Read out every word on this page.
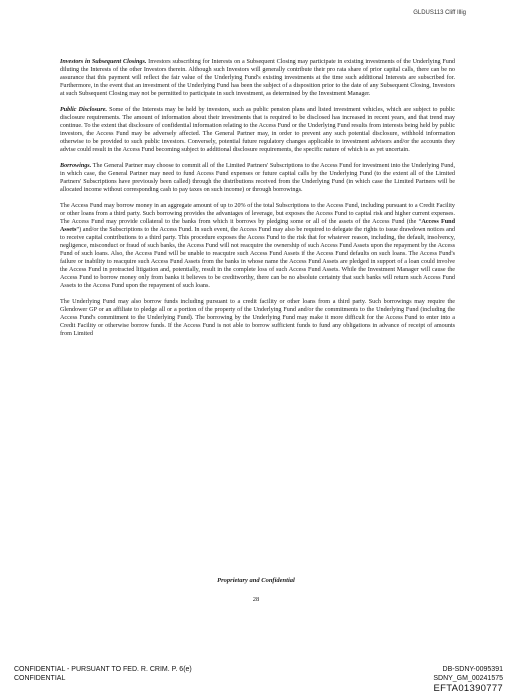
GLDUS113 Cliff Illig

Investors in Subsequent Closings. Investors subscribing for Interests on a Subsequent Closing may participate in existing investments of the Underlying Fund diluting the Interests of the other Investors therein. Although such Investors will generally contribute their pro rata share of prior capital calls, there can be no assurance that this payment will reflect the fair value of the Underlying Fund's existing investments at the time such additional Interests are subscribed for. Furthermore, in the event that an investment of the Underlying Fund has been the subject of a disposition prior to the date of any Subsequent Closing, Investors at such Subsequent Closing may not be permitted to participate in such investment, as determined by the Investment Manager.

Public Disclosure. Some of the Interests may be held by investors, such as public pension plans and listed investment vehicles, which are subject to public disclosure requirements. The amount of information about their investments that is required to be disclosed has increased in recent years, and that trend may continue. To the extent that disclosure of confidential information relating to the Access Fund or the Underlying Fund results from interests being held by public investors, the Access Fund may be adversely affected. The General Partner may, in order to prevent any such potential disclosure, withhold information otherwise to be provided to such public investors. Conversely, potential future regulatory changes applicable to investment advisors and/or the accounts they advise could result in the Access Fund becoming subject to additional disclosure requirements, the specific nature of which is as yet uncertain.

Borrowings. The General Partner may choose to commit all of the Limited Partners' Subscriptions to the Access Fund for investment into the Underlying Fund, in which case, the General Partner may need to fund Access Fund expenses or future capital calls by the Underlying Fund (to the extent all of the Limited Partners' Subscriptions have previously been called) through the distributions received from the Underlying Fund (in which case the Limited Partners will be allocated income without corresponding cash to pay taxes on such income) or through borrowings.

The Access Fund may borrow money in an aggregate amount of up to 20% of the total Subscriptions to the Access Fund, including pursuant to a Credit Facility or other loans from a third party. Such borrowing provides the advantages of leverage, but exposes the Access Fund to capital risk and higher current expenses. The Access Fund may provide collateral to the banks from which it borrows by pledging some or all of the assets of the Access Fund (the “Access Fund Assets”) and/or the Subscriptions to the Access Fund. In such event, the Access Fund may also be required to delegate the rights to issue drawdown notices and to receive capital contributions to a third party. This procedure exposes the Access Fund to the risk that for whatever reason, including, the default, insolvency, negligence, misconduct or fraud of such banks, the Access Fund will not reacquire the ownership of such Access Fund Assets upon the repayment by the Access Fund of such loans. Also, the Access Fund will be unable to reacquire such Access Fund Assets if the Access Fund defaults on such loans. The Access Fund's failure or inability to reacquire such Access Fund Assets from the banks in whose name the Access Fund Assets are pledged in support of a loan could involve the Access Fund in protracted litigation and, potentially, result in the complete loss of such Access Fund Assets. While the Investment Manager will cause the Access Fund to borrow money only from banks it believes to be creditworthy, there can be no absolute certainty that such banks will return such Access Fund Assets to the Access Fund upon the repayment of such loans.

The Underlying Fund may also borrow funds including pursuant to a credit facility or other loans from a third party. Such borrowings may require the Glendower GP or an affiliate to pledge all or a portion of the property of the Underlying Fund and/or the commitments to the Underlying Fund (including the Access Fund's commitment to the Underlying Fund). The borrowing by the Underlying Fund may make it more difficult for the Access Fund to enter into a Credit Facility or otherwise borrow funds. If the Access Fund is not able to borrow sufficient funds to fund any obligations in advance of receipt of amounts from Limited

Proprietary and Confidential
28
CONFIDENTIAL - PURSUANT TO FED. R. CRIM. P. 6(e)
CONFIDENTIAL
DB-SDNY-0095391
SDNY_GM_00241575
EFTA01390777
